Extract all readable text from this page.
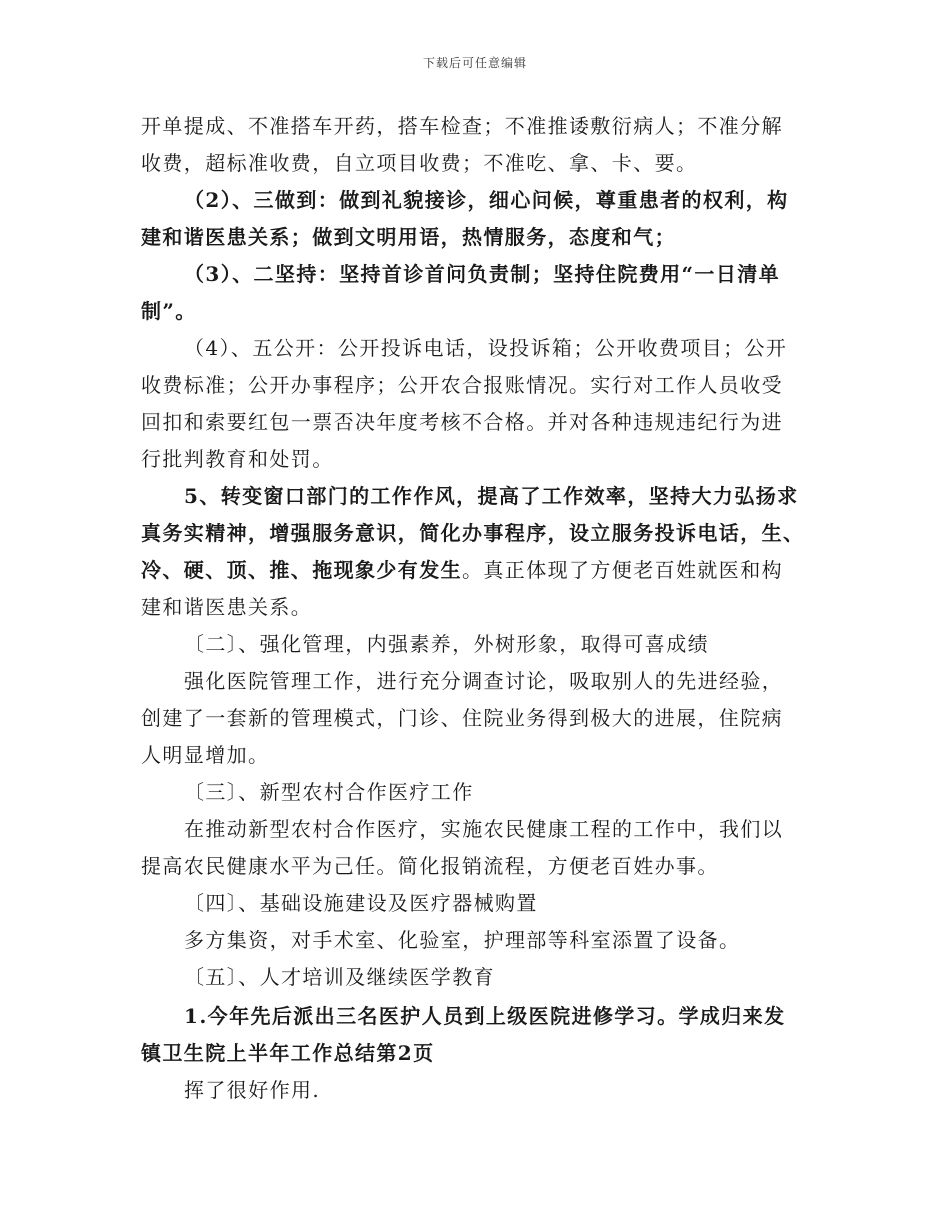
下载后可任意编辑
开单提成、不准搭车开药，搭车检查；不准推诿敷衍病人；不准分解
收费，超标准收费，自立项目收费；不准吃、拿、卡、要。
（2）、三做到：做到礼貌接诊，细心问候，尊重患者的权利，构
建和谐医患关系；做到文明用语，热情服务，态度和气；
（3）、二坚持：坚持首诊首问负责制；坚持住院费用“一日清单
制”。
（4）、五公开：公开投诉电话，设投诉箱；公开收费项目；公开
收费标准；公开办事程序；公开农合报账情况。实行对工作人员收受
回扣和索要红包一票否决年度考核不合格。并对各种违规违纪行为进
行批判教育和处罚。
5、转变窗口部门的工作作风，提高了工作效率，坚持大力弘扬求
真务实精神，增强服务意识，简化办事程序，设立服务投诉电话，生、
冷、硬、顶、推、拖现象少有发生。真正体现了方便老百姓就医和构
建和谐医患关系。
〔二〕、强化管理，内强素养，外树形象，取得可喜成绩
强化医院管理工作，进行充分调查讨论，吸取别人的先进经验，
创建了一套新的管理模式，门诊、住院业务得到极大的进展，住院病
人明显增加。
〔三〕、新型农村合作医疗工作
在推动新型农村合作医疗，实施农民健康工程的工作中，我们以
提高农民健康水平为己任。简化报销流程，方便老百姓办事。
〔四〕、基础设施建设及医疗器械购置
多方集资，对手术室、化验室，护理部等科室添置了设备。
〔五〕、人才培训及继续医学教育
1.今年先后派出三名医护人员到上级医院进修学习。学成归来发
镇卫生院上半年工作总结第2页
挥了很好作用.
